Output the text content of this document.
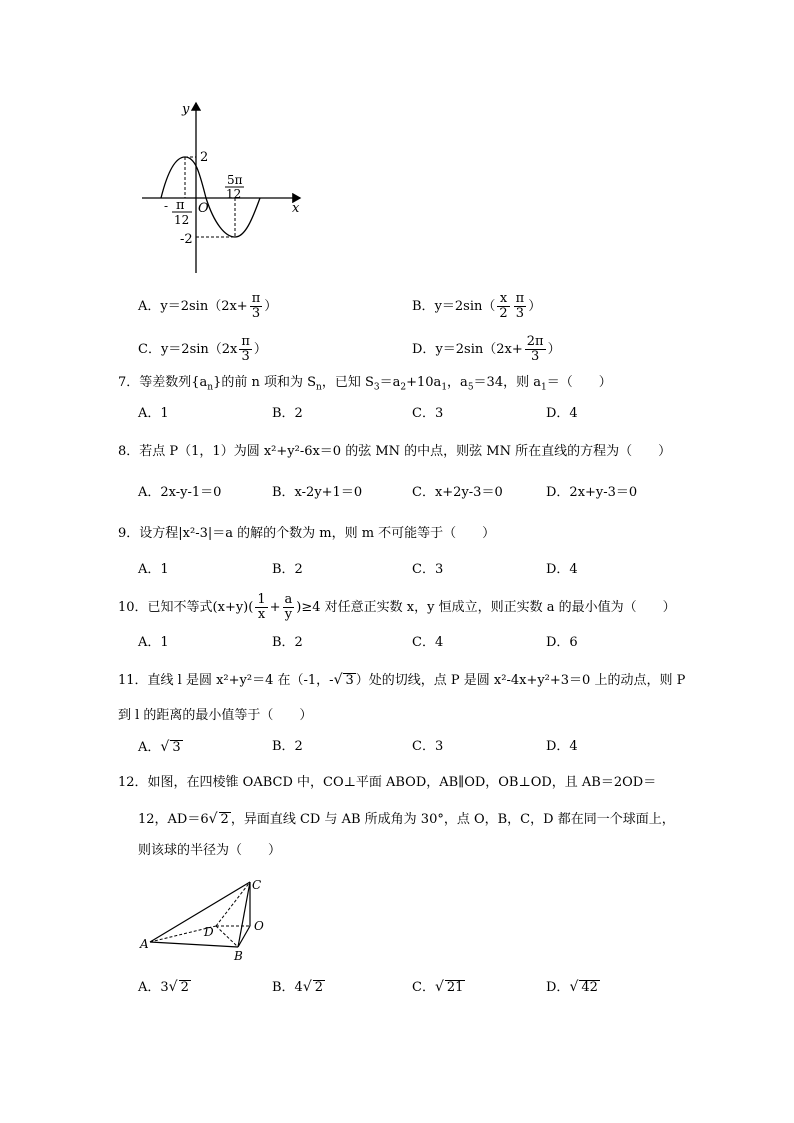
y
x
O
2
-2
- π
12
5π
12
A．$y=2\sin(2x+ \frac{\pi}{3}$ ）	B．$y=2\sin( \frac{x}{2} \frac{\pi}{3}$ ）
C．$y=2\sin(2x \frac{\pi}{3}$ ）	D．$y=2\sin(2x+ \frac{2\pi}{3}$ ）
7．等差数列$\{a_n\}$的前 n 项和为 $S_n$，已知 $S_3=a_2+10a_1$，$a_5=34$，则 $a_1=$（　　）
A．1	B．2	C．3	D．4
8．若点 P（1，1）为圆 x²+y²-6x＝0 的弦 MN 的中点，则弦 MN 所在直线的方程为（　　）
A．2x-y-1＝0	B．x-2y+1＝0	C．x+2y-3＝0	D．2x+y-3＝0
9．设方程|x²-3|＝a 的解的个数为 m，则 m 不可能等于（　　）
A．1	B．2	C．3	D．4
10．已知不等式$(x+y)( \frac{1}{x} + \frac{a}{y} )\ge 4$ 对任意正实数 x，y 恒成立，则正实数 a 的最小值为（　　）
A．1	B．2	C．4	D．6
11．直线 l 是圆 x²+y²＝4 在（-1，-√ 3 ）处的切线，点 P 是圆 x²-4x+y²+3＝0 上的动点，则 P
到 l 的距离的最小值等于（　　）
A．√ 3	B．2	C．3	D．4
12．如图，在四棱锥 OABCD 中，CO⊥平面 ABOD，AB∥OD，OB⊥OD，且 AB＝2OD＝
12，AD＝6√ 2 ，异面直线 CD 与 AB 所成角为 30°，点 O，B，C，D 都在同一个球面上，
则该球的半径为（　　）
A
B
C
D	O
A．3√ 2	B．4√ 2	C．√ 21	D．√ 42
